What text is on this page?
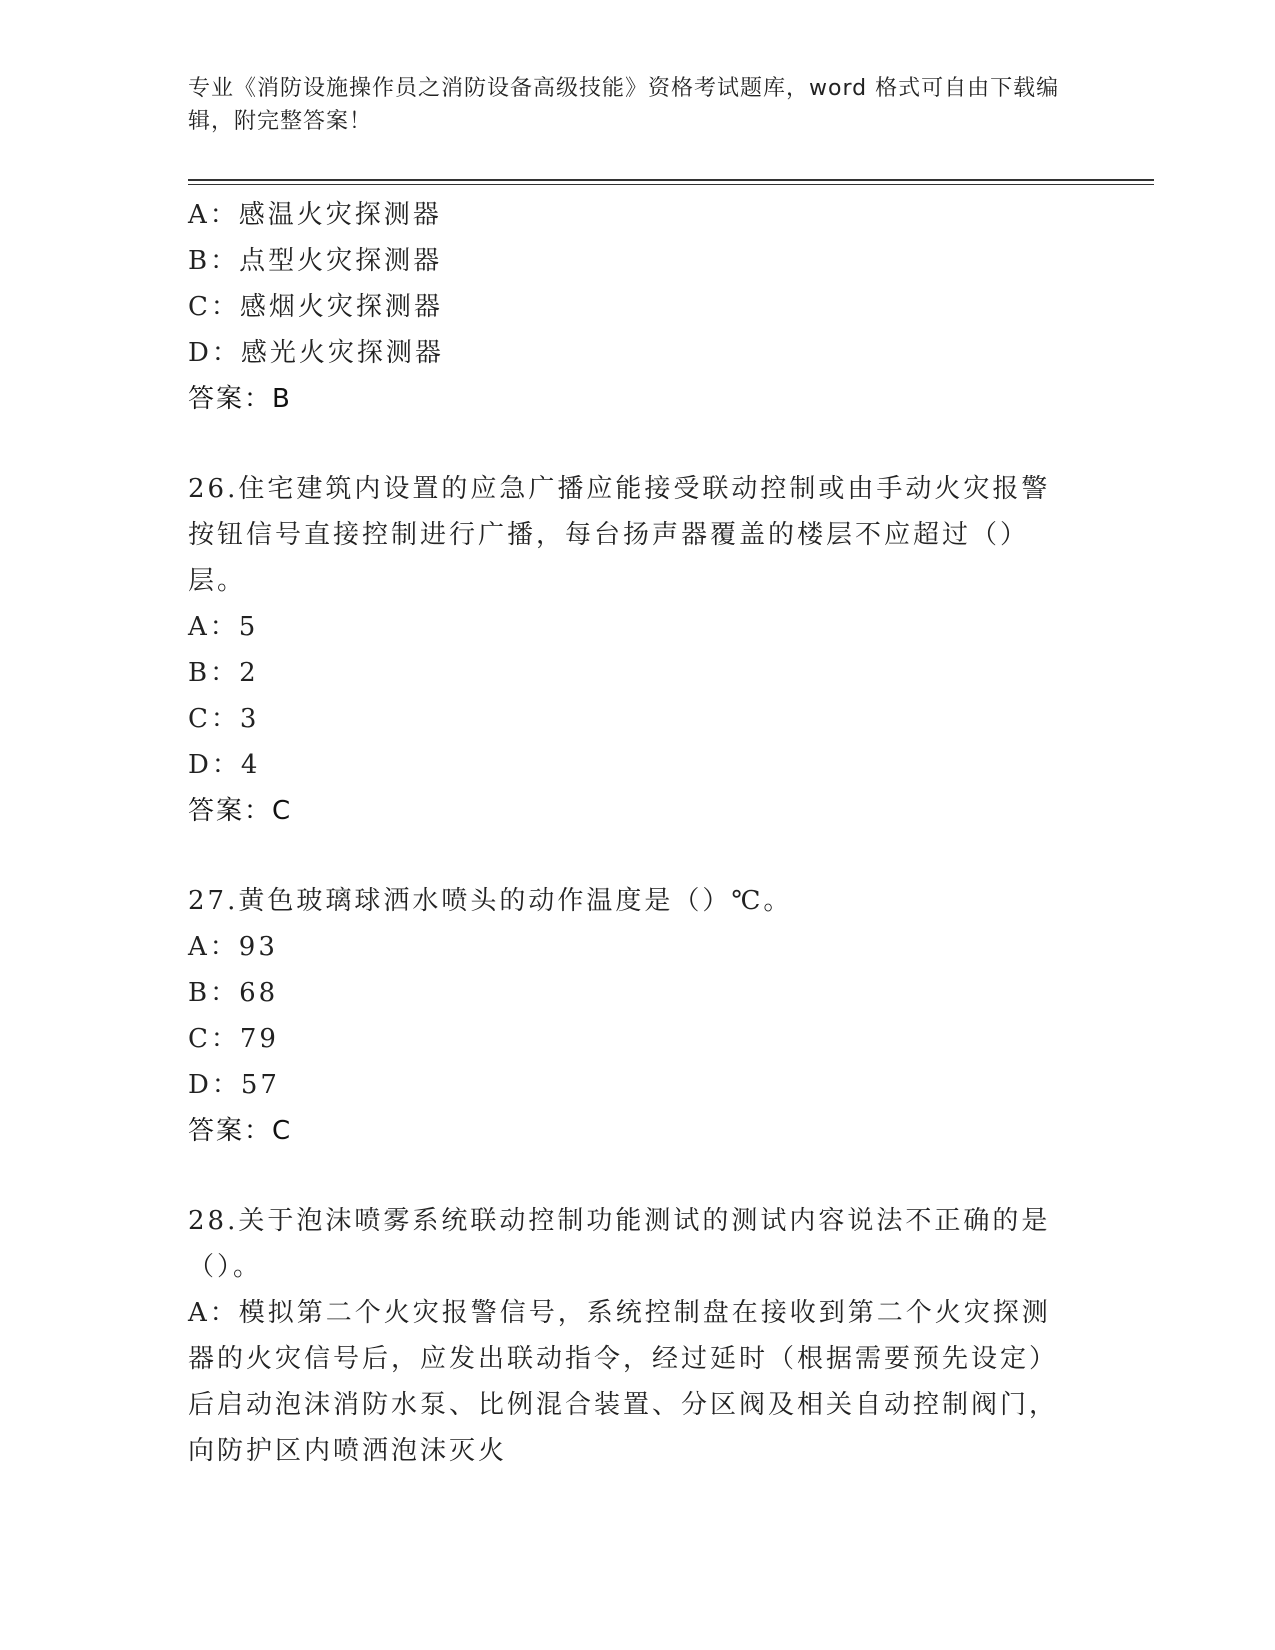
专业《消防设施操作员之消防设备高级技能》资格考试题库，word 格式可自由下载编辑，附完整答案！

A：感温火灾探测器

B：点型火灾探测器

C：感烟火灾探测器

D：感光火灾探测器

答案：B

26.住宅建筑内设置的应急广播应能接受联动控制或由手动火灾报警按钮信号直接控制进行广播，每台扬声器覆盖的楼层不应超过（）层。

A：5

B：2

C：3

D：4

答案：C

27.黄色玻璃球洒水喷头的动作温度是（）℃。

A：93

B：68

C：79

D：57

答案：C

28.关于泡沫喷雾系统联动控制功能测试的测试内容说法不正确的是（）。

A：模拟第二个火灾报警信号，系统控制盘在接收到第二个火灾探测器的火灾信号后，应发出联动指令，经过延时（根据需要预先设定）后启动泡沫消防水泵、比例混合装置、分区阀及相关自动控制阀门，向防护区内喷洒泡沫灭火
